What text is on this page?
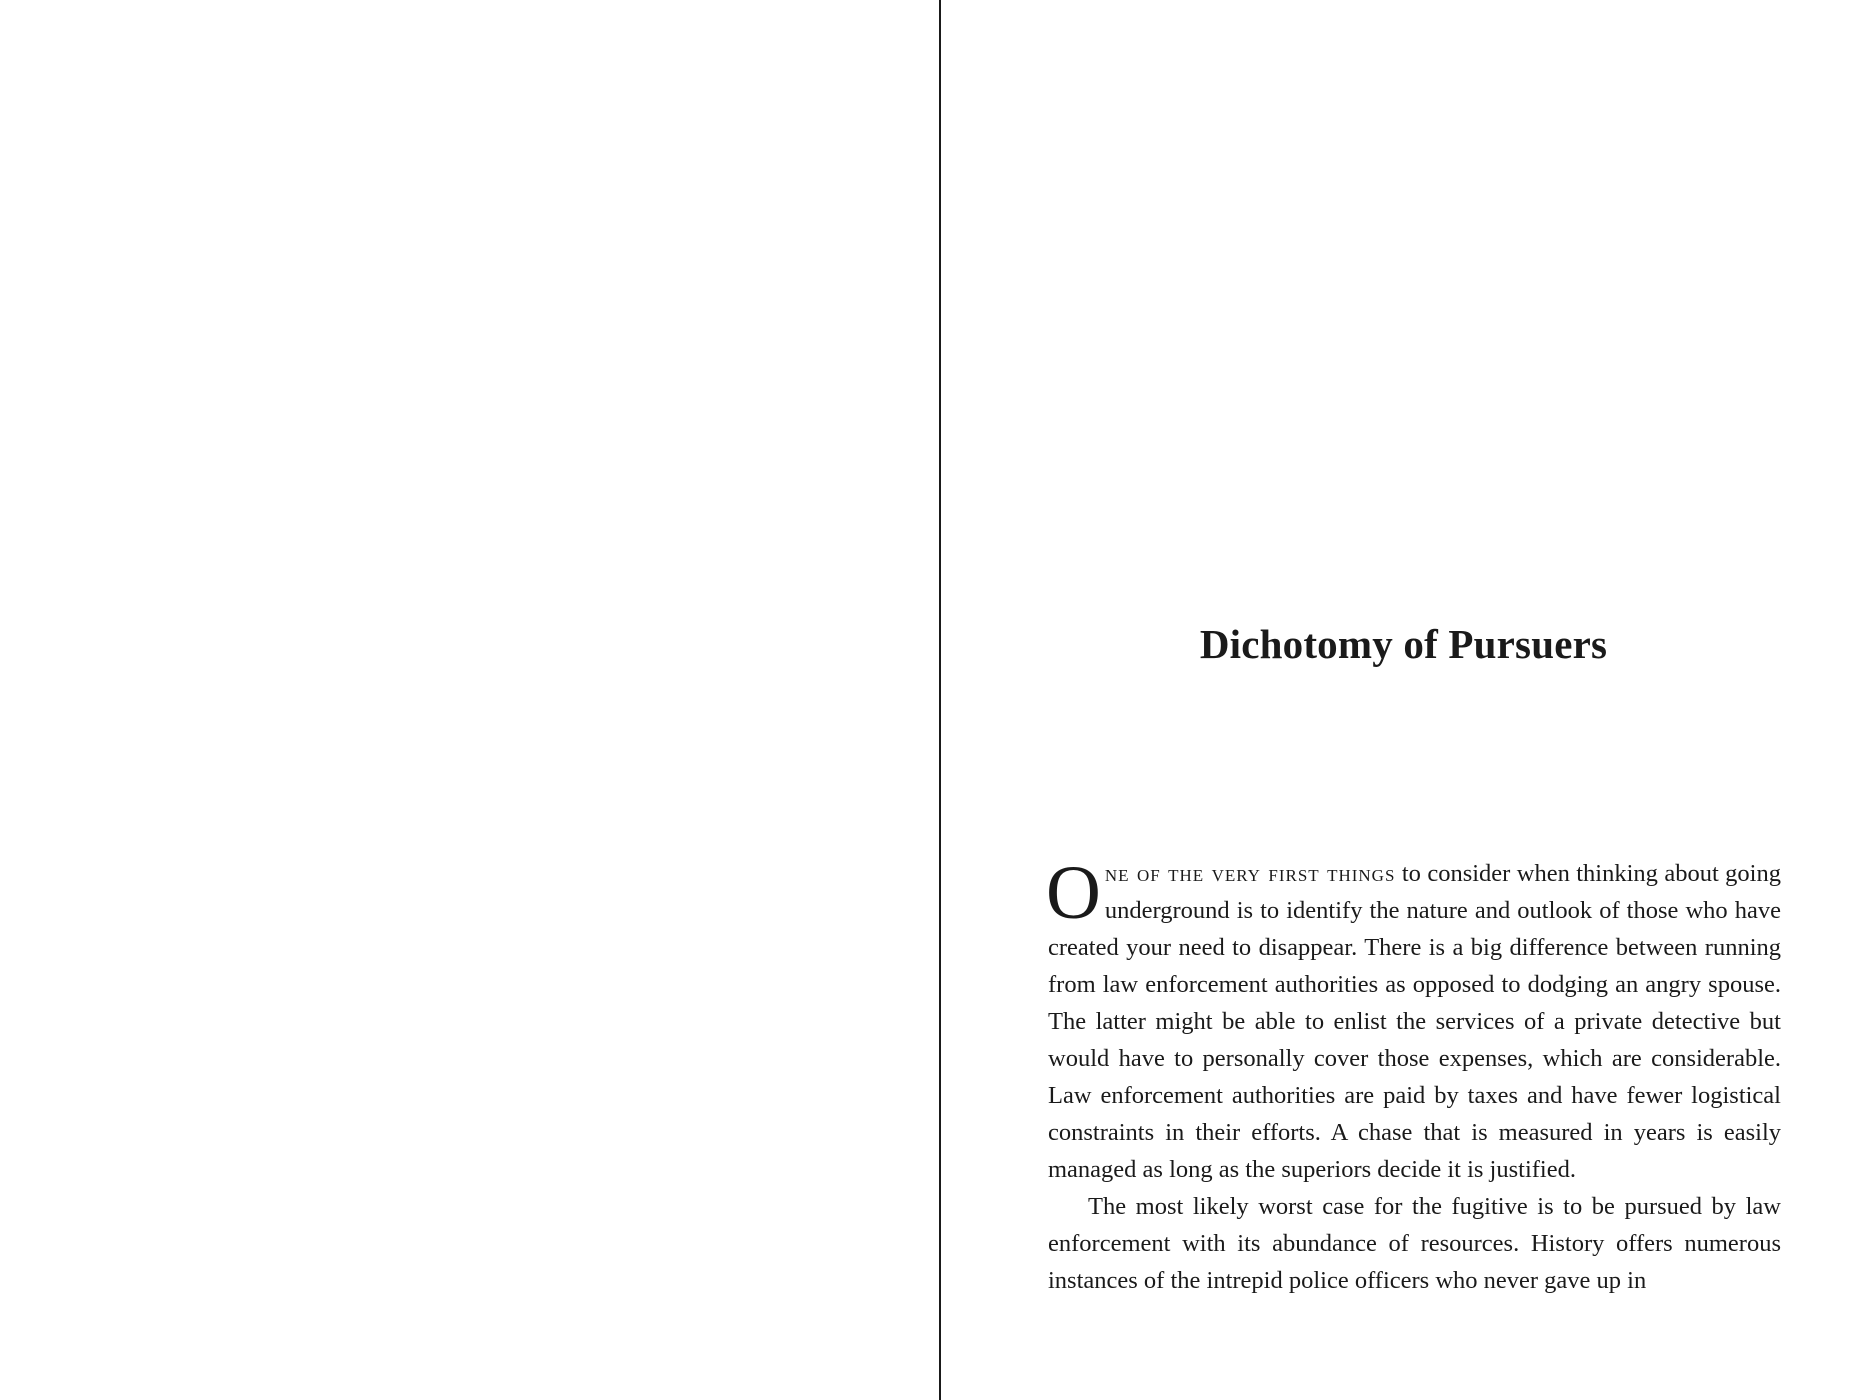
Dichotomy of Pursuers

One of the very first things to consider when thinking about going underground is to identify the nature and outlook of those who have created your need to disappear. There is a big difference between running from law enforcement authorities as opposed to dodging an angry spouse. The latter might be able to enlist the services of a private detective but would have to personally cover those expenses, which are considerable. Law enforcement authorities are paid by taxes and have fewer logistical constraints in their efforts. A chase that is measured in years is easily managed as long as the superiors decide it is justified.

The most likely worst case for the fugitive is to be pursued by law enforcement with its abundance of resources. History offers numerous instances of the intrepid police officers who never gave up in
